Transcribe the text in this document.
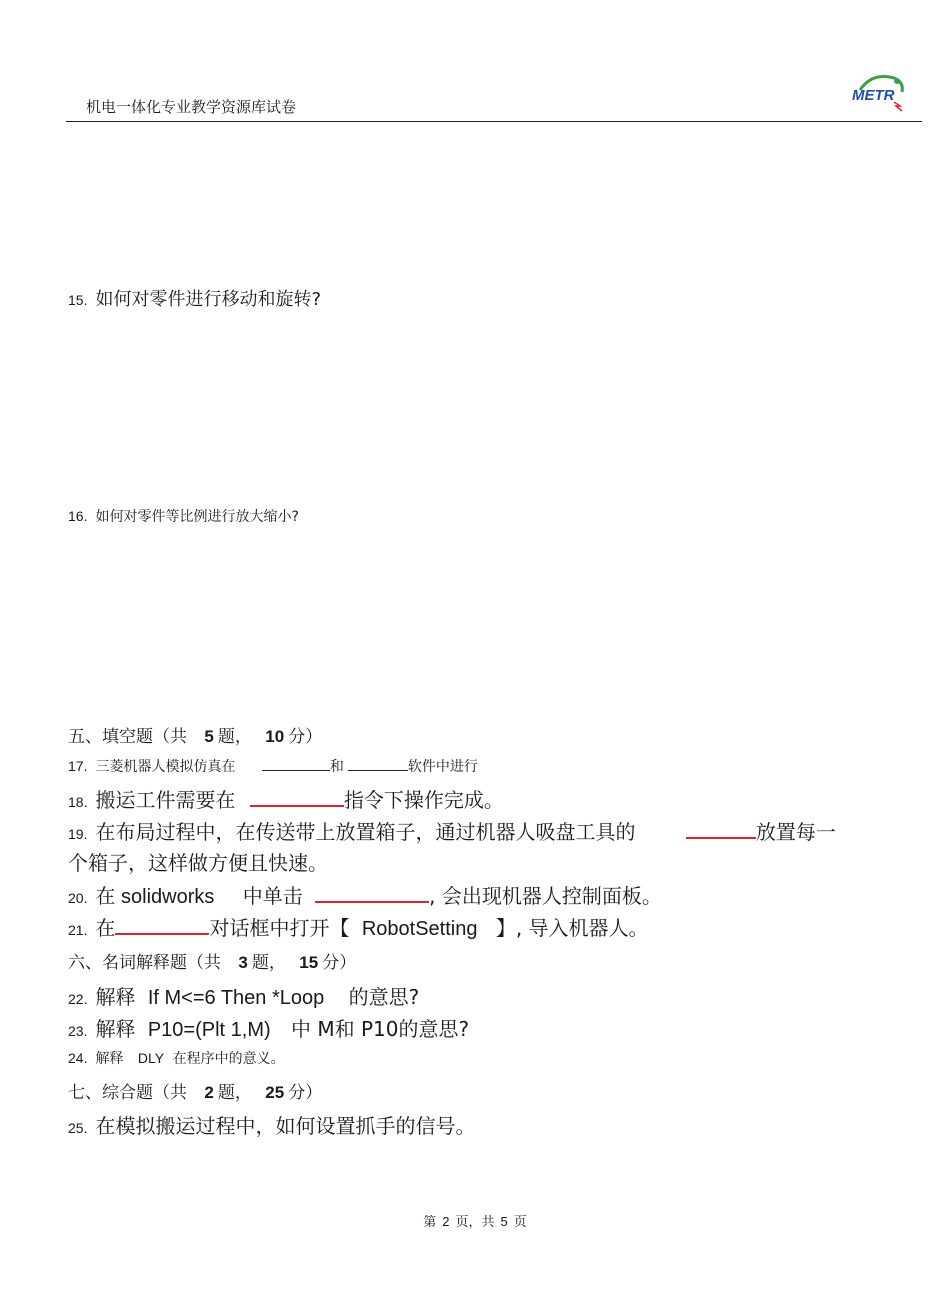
机电一体化专业教学资源库试卷
METR
15. 如何对零件进行移动和旋转?
16. 如何对零件等比例进行放大缩小?
五、填空题（共 5 题， 10 分）
17. 三菱机器人模拟仿真在	和	软件中进行
18. 搬运工件需要在	指令下操作完成。
19. 在布局过程中，在传送带上放置箱子，通过机器人吸盘工具的	放置每一
个箱子，这样做方便且快速。
20. 在 solidworks 中单击	, 会出现机器人控制面板。
21. 在	对话框中打开【 RobotSetting 】, 导入机器人。
六、名词解释题（共 3 题， 15 分）
22. 解释 If M<=6 Then *Loop 的意思?
23. 解释 P10=(Plt 1,M) 中 M和 P10的意思?
24. 解释 DLY 在程序中的意义。
七、综合题（共 2 题， 25 分）
25. 在模拟搬运过程中，如何设置抓手的信号。
第 2 页，共 5 页
